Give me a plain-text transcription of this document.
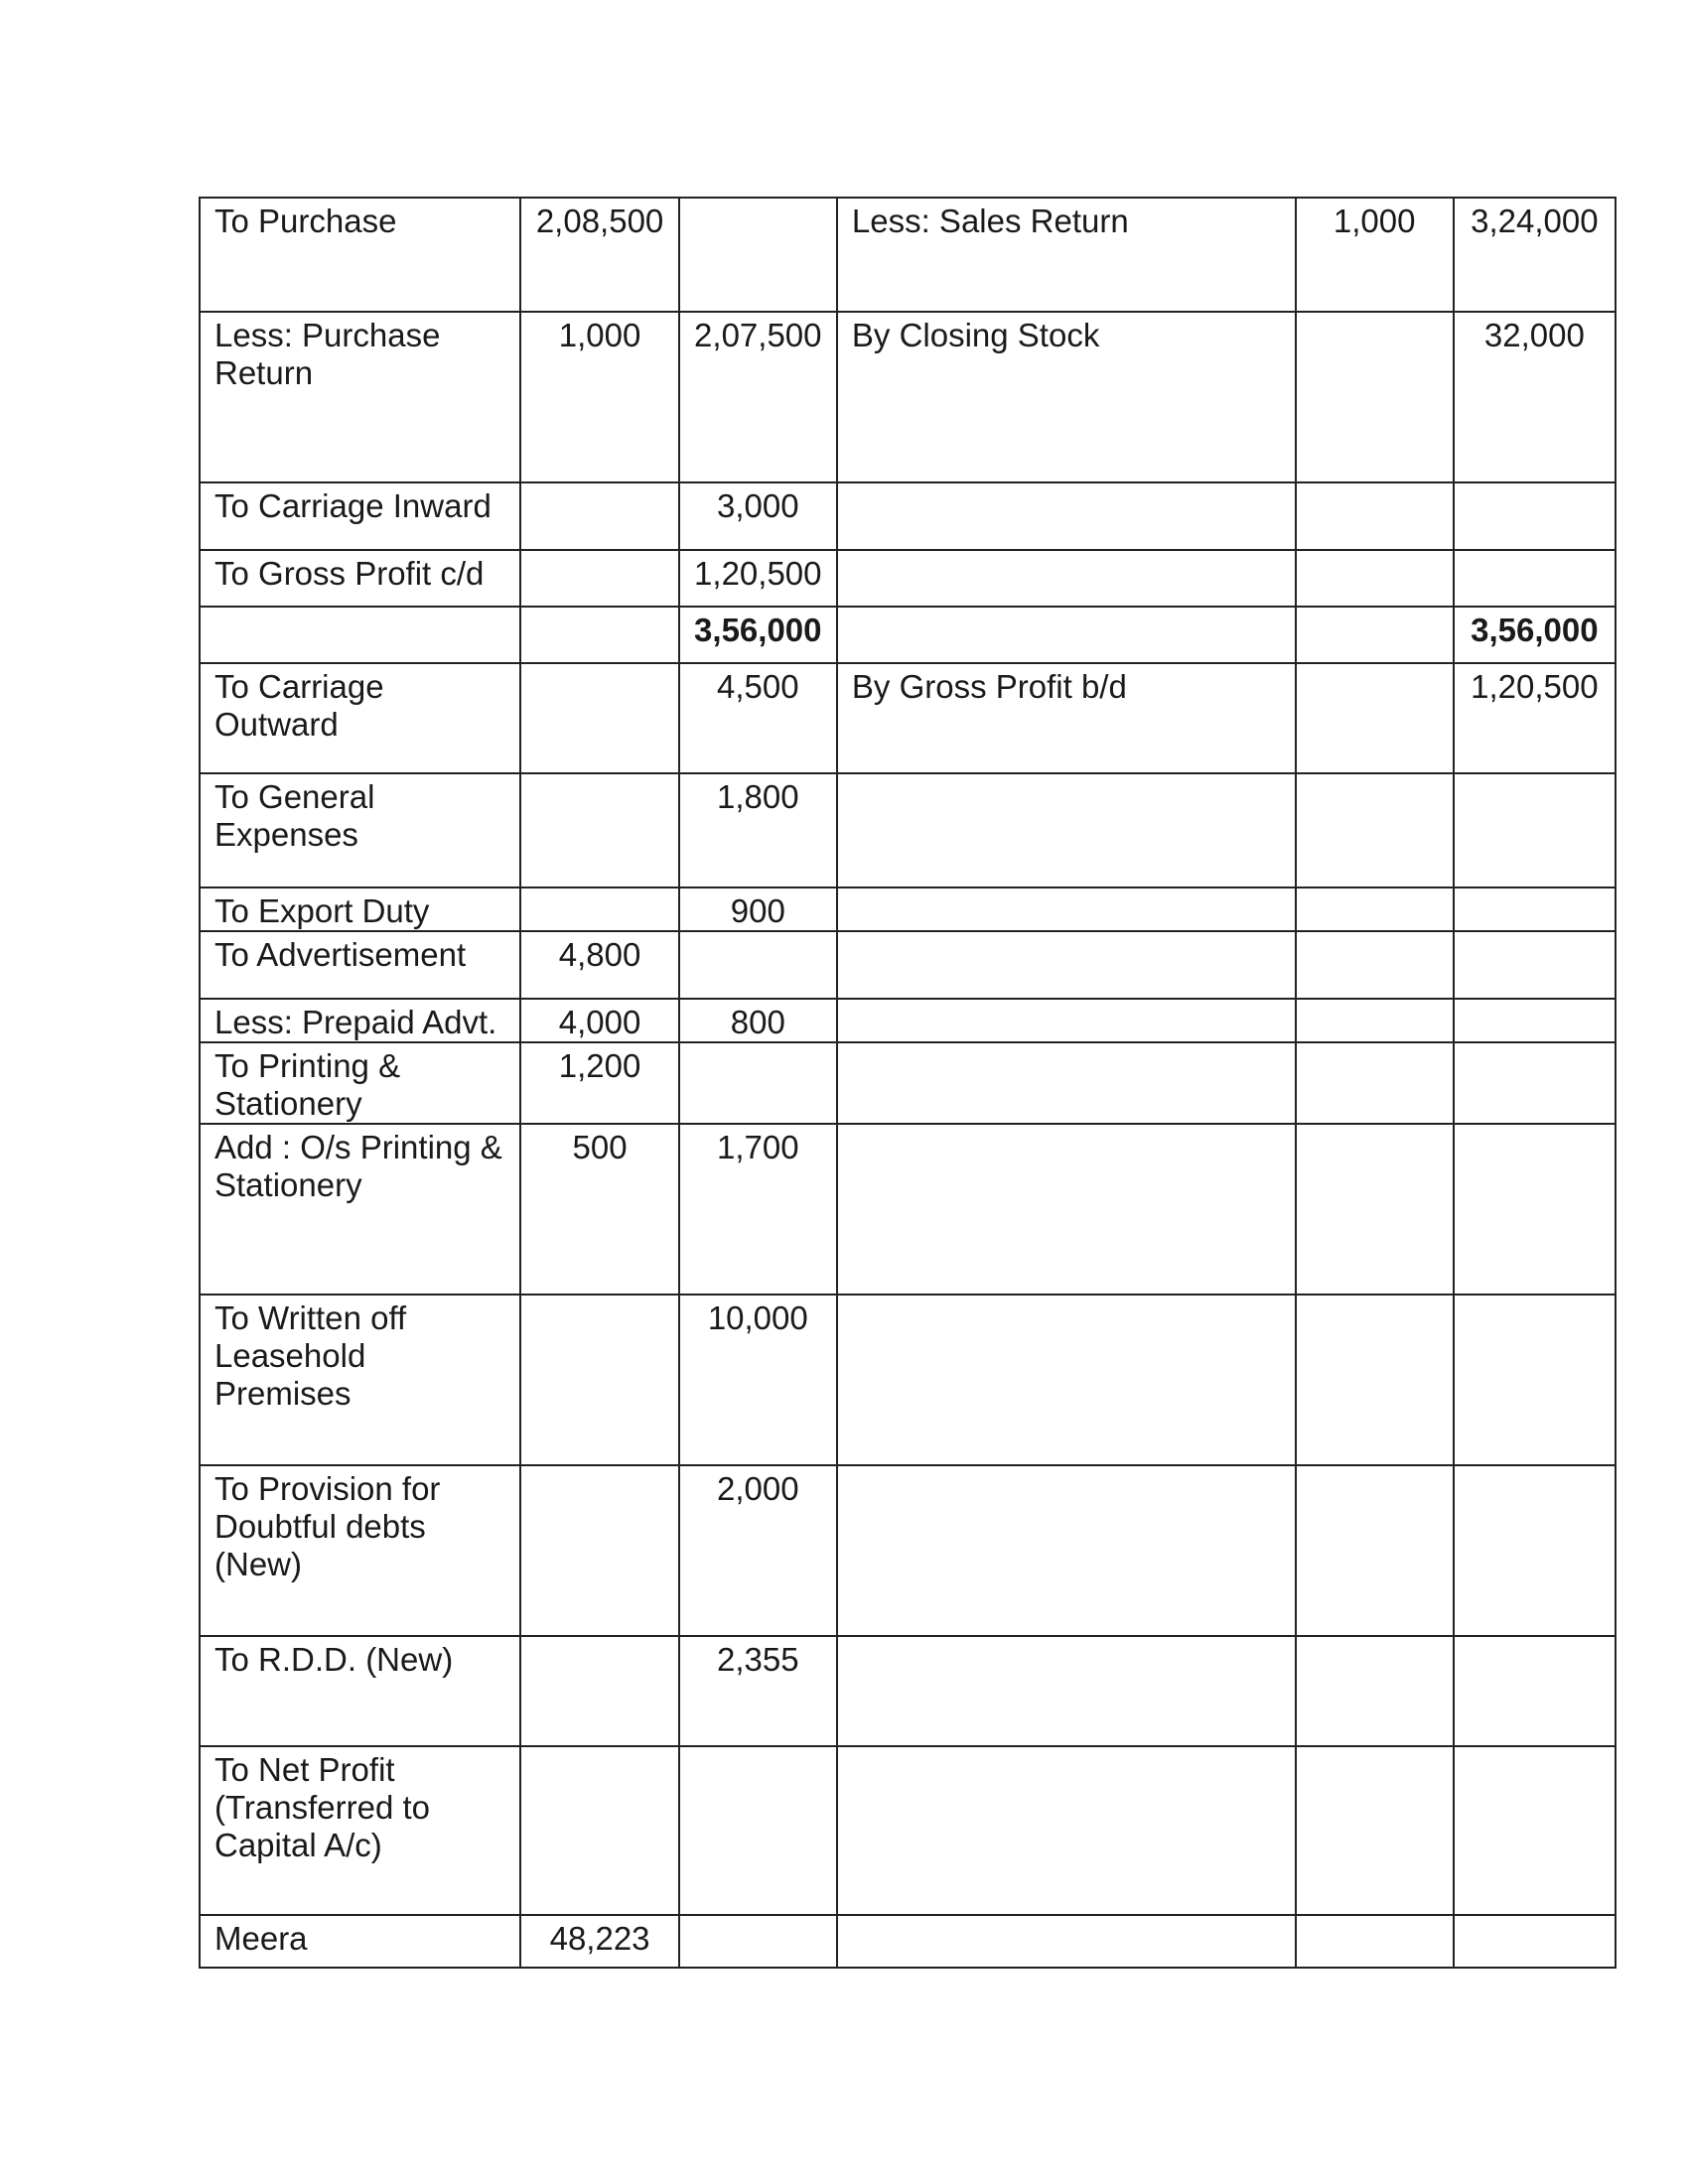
To Purchase	2,08,500		Less: Sales Return	1,000	3,24,000
Less: Purchase Return	1,000	2,07,500	By Closing Stock		32,000
To Carriage Inward		3,000			
To Gross Profit c/d		1,20,500			
		3,56,000			3,56,000
To Carriage Outward		4,500	By Gross Profit b/d		1,20,500
To General Expenses		1,800			
To Export Duty		900			
To Advertisement	4,800				
Less: Prepaid Advt.	4,000	800			
To Printing & Stationery	1,200				
Add : O/s Printing & Stationery	500	1,700			
To Written off Leasehold Premises		10,000			
To Provision for Doubtful debts (New)		2,000			
To R.D.D. (New)		2,355			
To Net Profit (Transferred to Capital A/c)					
Meera	48,223				
